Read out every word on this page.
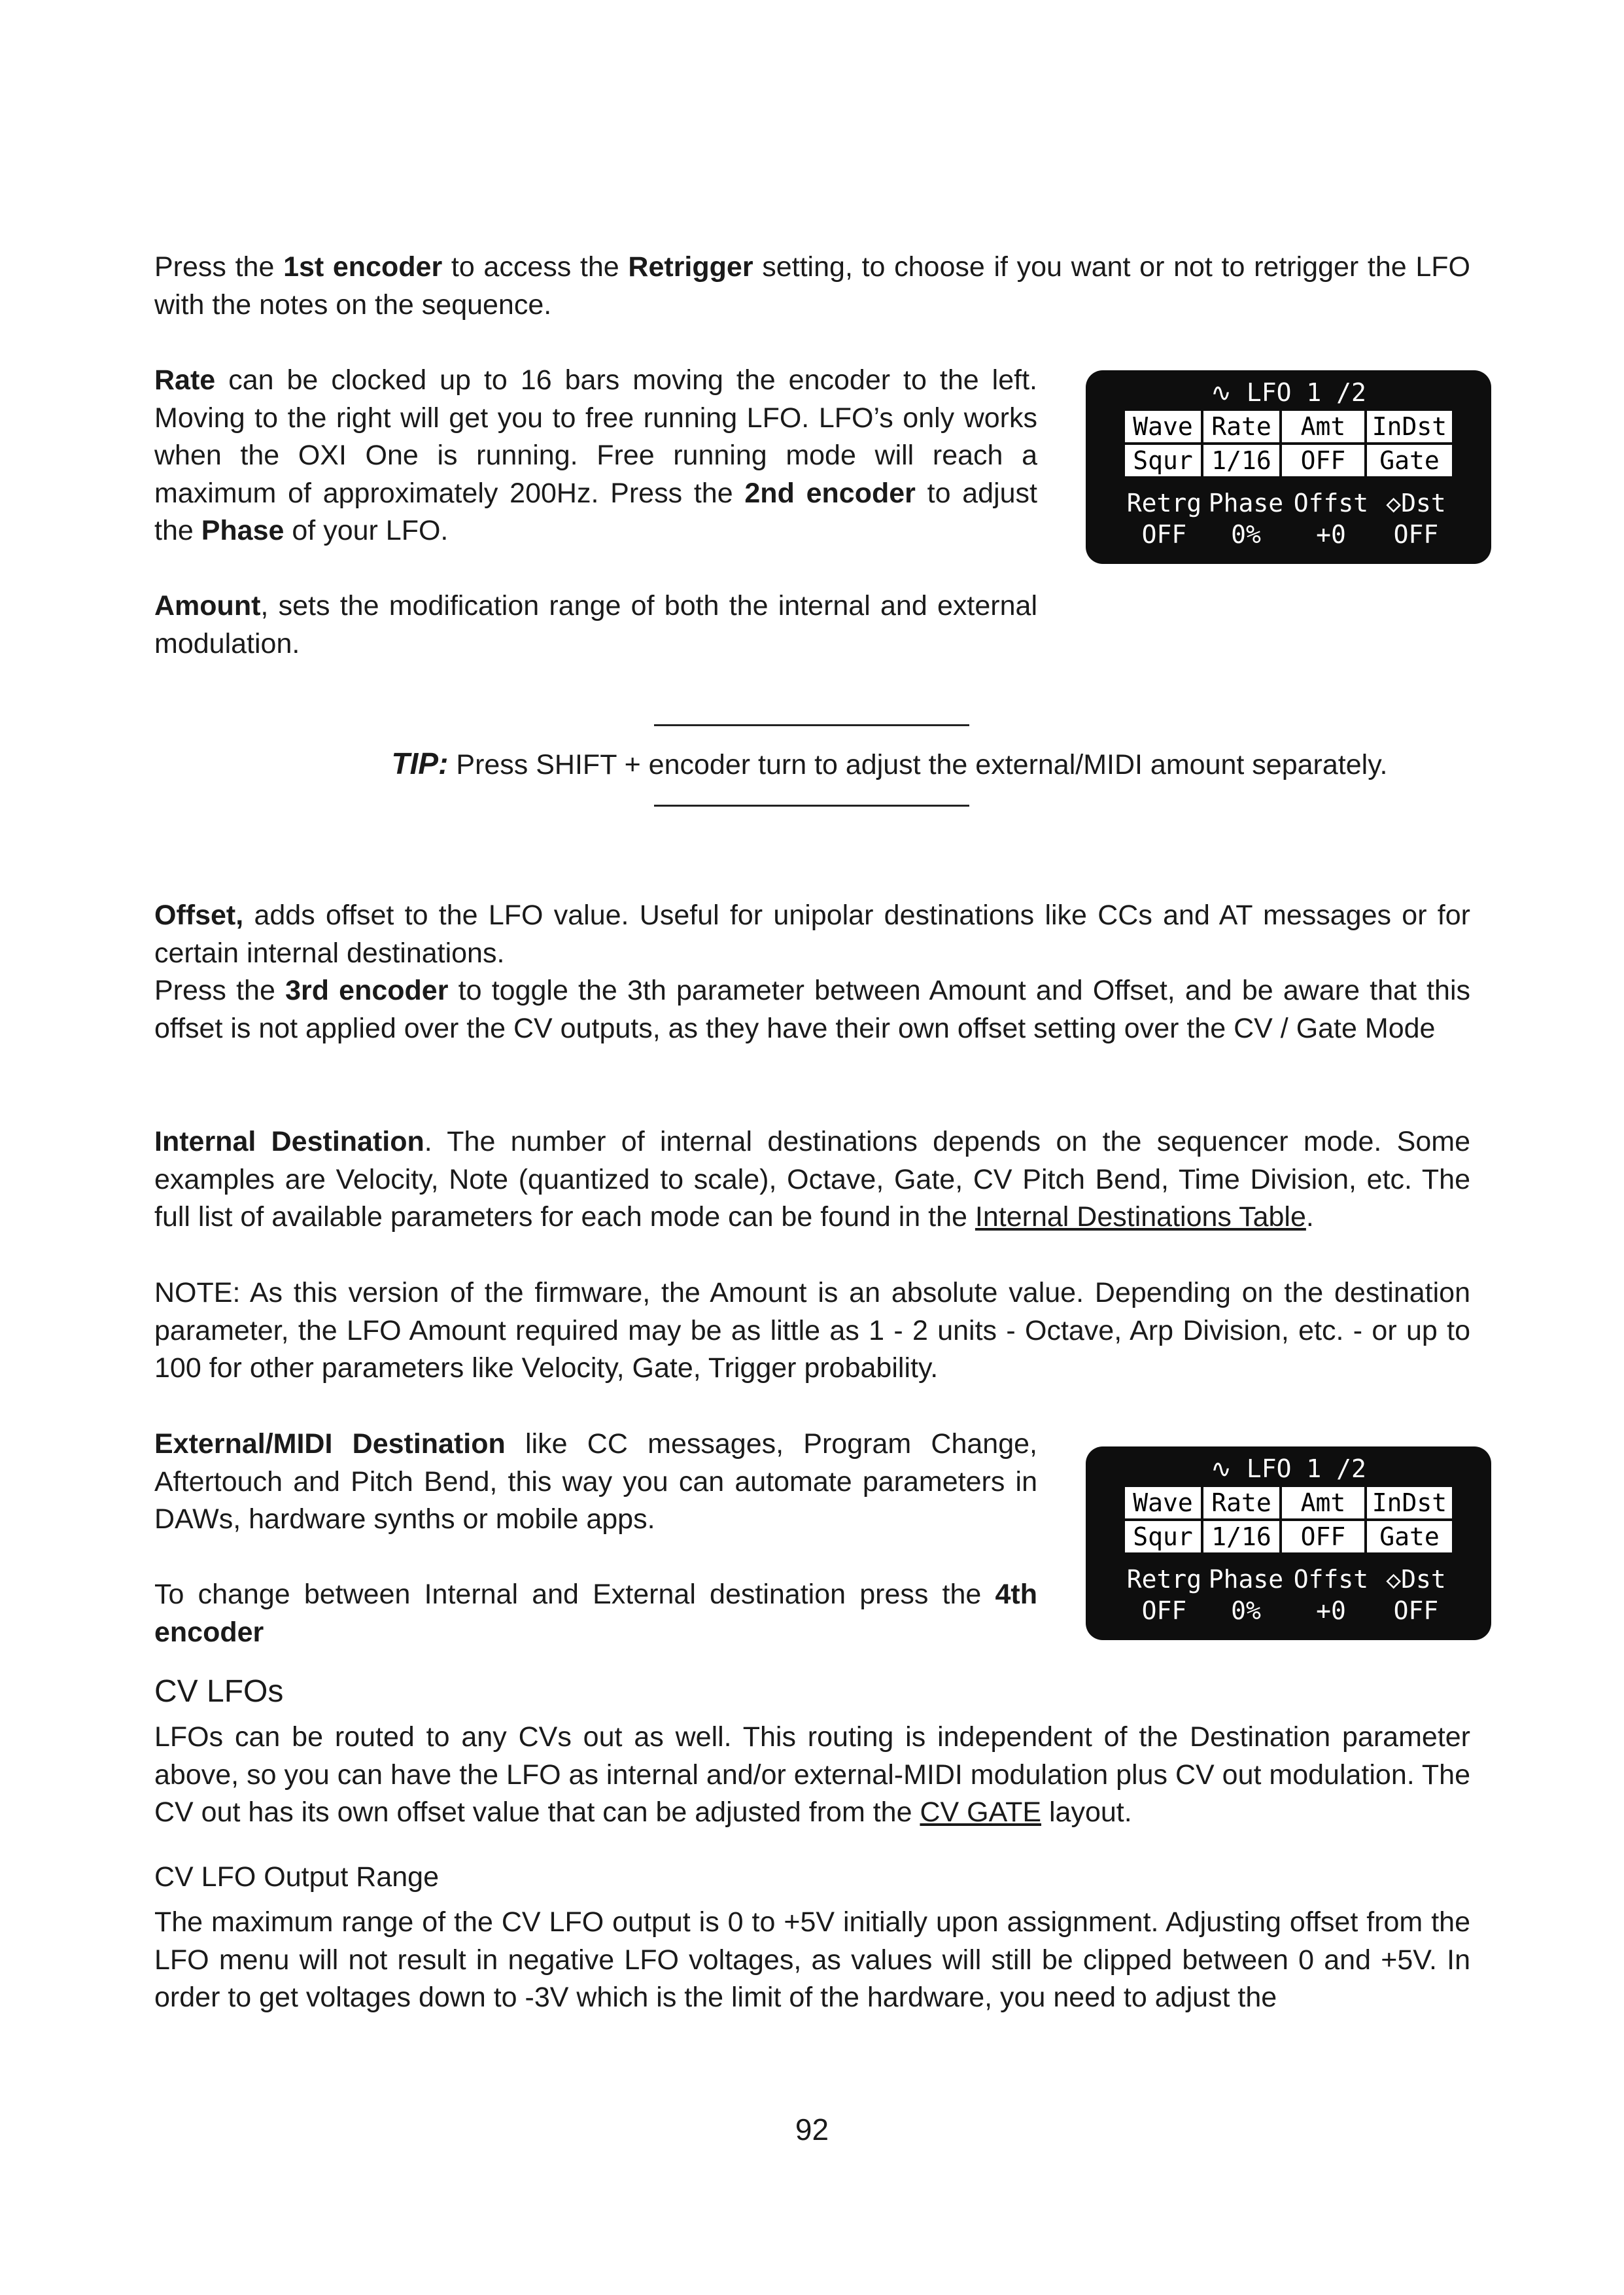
Press the 1st encoder to access the Retrigger setting, to choose if you want or not to retrigger the LFO with the notes on the sequence.

Rate can be clocked up to 16 bars moving the encoder to the left. Moving to the right will get you to free running LFO. LFO’s only works when the OXI One is running. Free running mode will reach a maximum of approximately 200Hz. Press the 2nd encoder to adjust the Phase of your LFO.

∿ LFO 1 /2
Wave Rate	Amt	InDst
Squr 1/16	OFF	Gate
Retrg Phase Offst ◇Dst
OFF	0%	+0	OFF

Amount, sets the modification range of both the internal and external modulation.

TIP: Press SHIFT + encoder turn to adjust the external/MIDI amount separately.

Offset, adds offset to the LFO value. Useful for unipolar destinations like CCs and AT messages or for certain internal destinations.
Press the 3rd encoder to toggle the 3th parameter between Amount and Offset, and be aware that this offset is not applied over the CV outputs, as they have their own offset setting over the CV / Gate Mode

Internal Destination. The number of internal destinations depends on the sequencer mode. Some examples are Velocity, Note (quantized to scale), Octave, Gate, CV Pitch Bend, Time Division, etc. The full list of available parameters for each mode can be found in the Internal Destinations Table.

NOTE: As this version of the firmware, the Amount is an absolute value. Depending on the destination parameter, the LFO Amount required may be as little as 1 - 2 units - Octave, Arp Division, etc. - or up to 100 for other parameters like Velocity, Gate, Trigger probability.

External/MIDI Destination like CC messages, Program Change, Aftertouch and Pitch Bend, this way you can automate parameters in DAWs, hardware synths or mobile apps.

∿ LFO 1 /2
Wave Rate	Amt	InDst
Squr 1/16	OFF	Gate
Retrg Phase Offst ◇Dst
OFF	0%	+0	OFF

To change between Internal and External destination press the 4th encoder

CV LFOs

LFOs can be routed to any CVs out as well. This routing is independent of the Destination parameter above, so you can have the LFO as internal and/or external-MIDI modulation plus CV out modulation. The CV out has its own offset value that can be adjusted from the CV GATE layout.

CV LFO Output Range

The maximum range of the CV LFO output is 0 to +5V initially upon assignment. Adjusting offset from the LFO menu will not result in negative LFO voltages, as values will still be clipped between 0 and +5V. In order to get voltages down to -3V which is the limit of the hardware, you need to adjust the

92
